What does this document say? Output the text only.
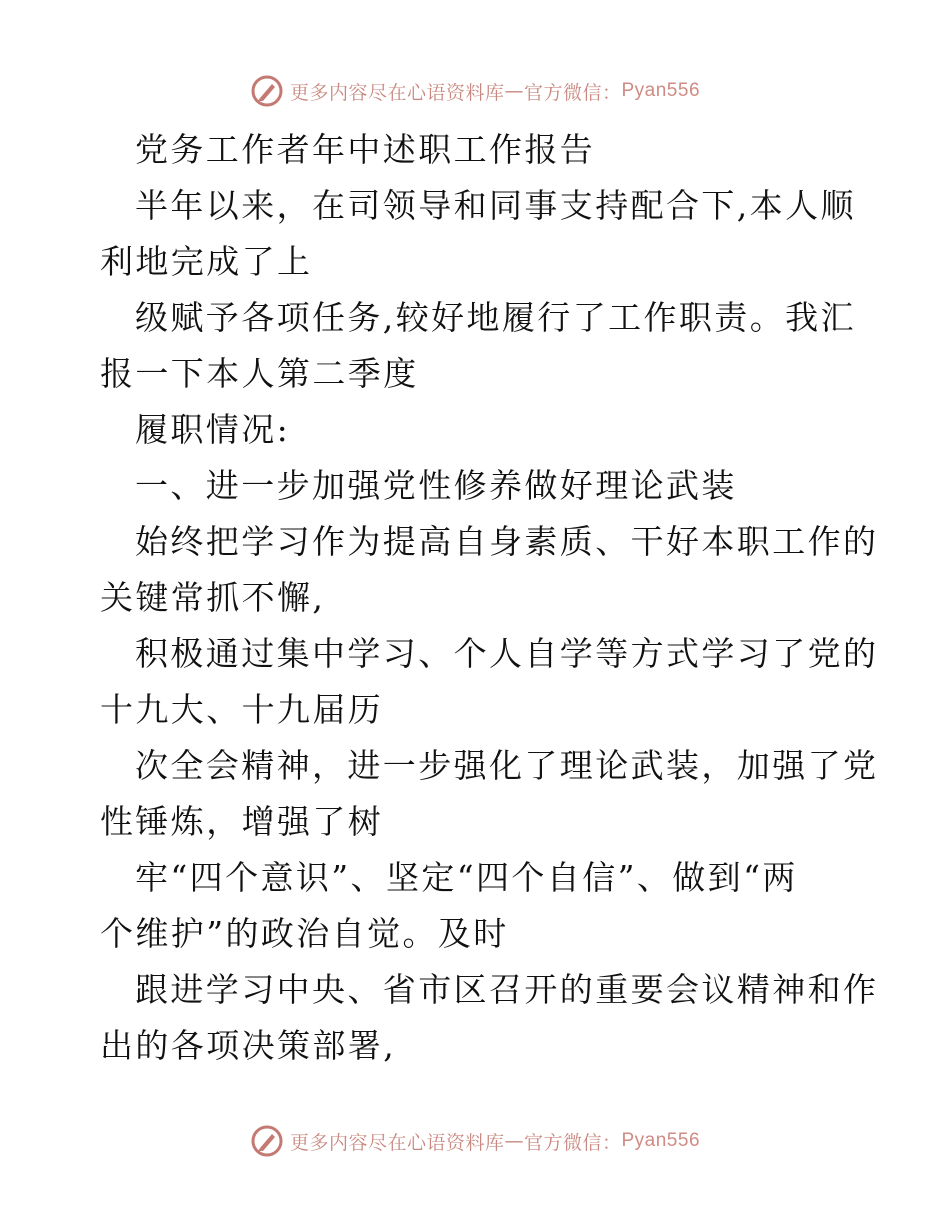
更多内容尽在心语资料库 — 官方微信： Pyan556

党务工作者年中述职工作报告

半年以来，在司领导和同事支持配合下,本人顺

利地完成了上

级赋予各项任务,较好地履行了工作职责。我汇

报一下本人第二季度

履职情况:

一、进一步加强党性修养做好理论武装

始终把学习作为提高自身素质、干好本职工作的

关键常抓不懈,

积极通过集中学习、个人自学等方式学习了党的

十九大、十九届历

次全会精神，进一步强化了理论武装，加强了党

性锤炼，增强了树

牢“四个意识”、坚定“四个自信”、做到“两

个维护”的政治自觉。及时

跟进学习中央、省市区召开的重要会议精神和作

出的各项决策部署,

更多内容尽在心语资料库 — 官方微信： Pyan556
